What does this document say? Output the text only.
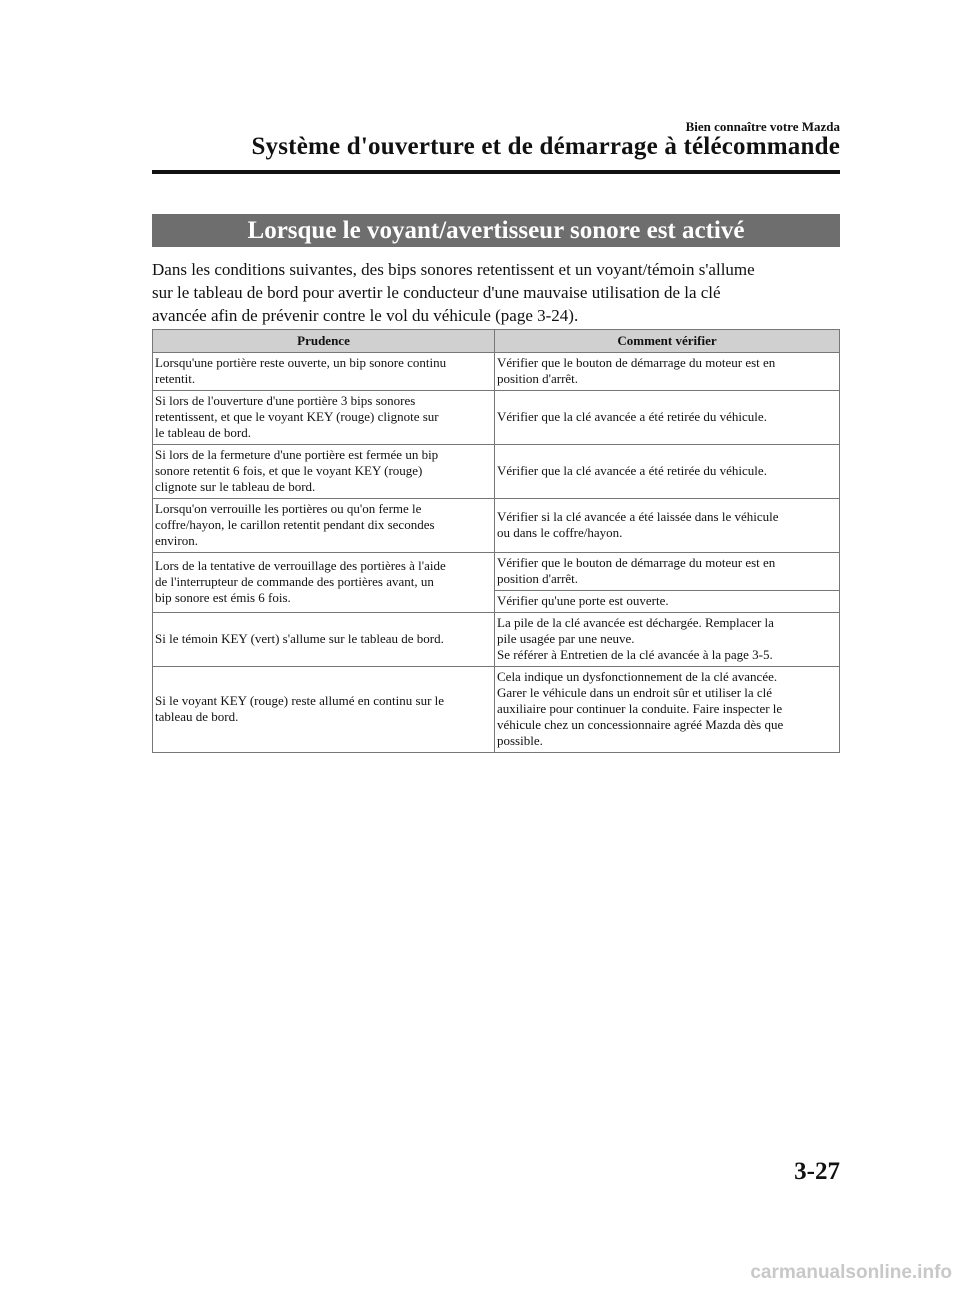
Bien connaître votre Mazda
Système d'ouverture et de démarrage à télécommande
Lorsque le voyant/avertisseur sonore est activé
Dans les conditions suivantes, des bips sonores retentissent et un voyant/témoin s'allume
sur le tableau de bord pour avertir le conducteur d'une mauvaise utilisation de la clé
avancée afin de prévenir contre le vol du véhicule (page 3-24).
Prudence	Comment vérifier

Lorsqu'une portière reste ouverte, un bip sonore continu
retentit.	Vérifier que le bouton de démarrage du moteur est en
position d'arrêt.

Si lors de l'ouverture d'une portière 3 bips sonores
retentissent, et que le voyant KEY (rouge) clignote sur
le tableau de bord.	Vérifier que la clé avancée a été retirée du véhicule.

Si lors de la fermeture d'une portière est fermée un bip
sonore retentit 6 fois, et que le voyant KEY (rouge)
clignote sur le tableau de bord.	Vérifier que la clé avancée a été retirée du véhicule.

Lorsqu'on verrouille les portières ou qu'on ferme le
coffre/hayon, le carillon retentit pendant dix secondes
environ.	Vérifier si la clé avancée a été laissée dans le véhicule
ou dans le coffre/hayon.

Lors de la tentative de verrouillage des portières à l'aide
de l'interrupteur de commande des portières avant, un
bip sonore est émis 6 fois.	Vérifier que le bouton de démarrage du moteur est en
position d'arrêt.

	Vérifier qu'une porte est ouverte.

Si le témoin KEY (vert) s'allume sur le tableau de bord.	La pile de la clé avancée est déchargée. Remplacer la
pile usagée par une neuve.
Se référer à Entretien de la clé avancée à la page 3-5.

Si le voyant KEY (rouge) reste allumé en continu sur le
tableau de bord.	Cela indique un dysfonctionnement de la clé avancée.
Garer le véhicule dans un endroit sûr et utiliser la clé
auxiliaire pour continuer la conduite. Faire inspecter le
véhicule chez un concessionnaire agréé Mazda dès que
possible.
3-27
carmanualsonline.info
